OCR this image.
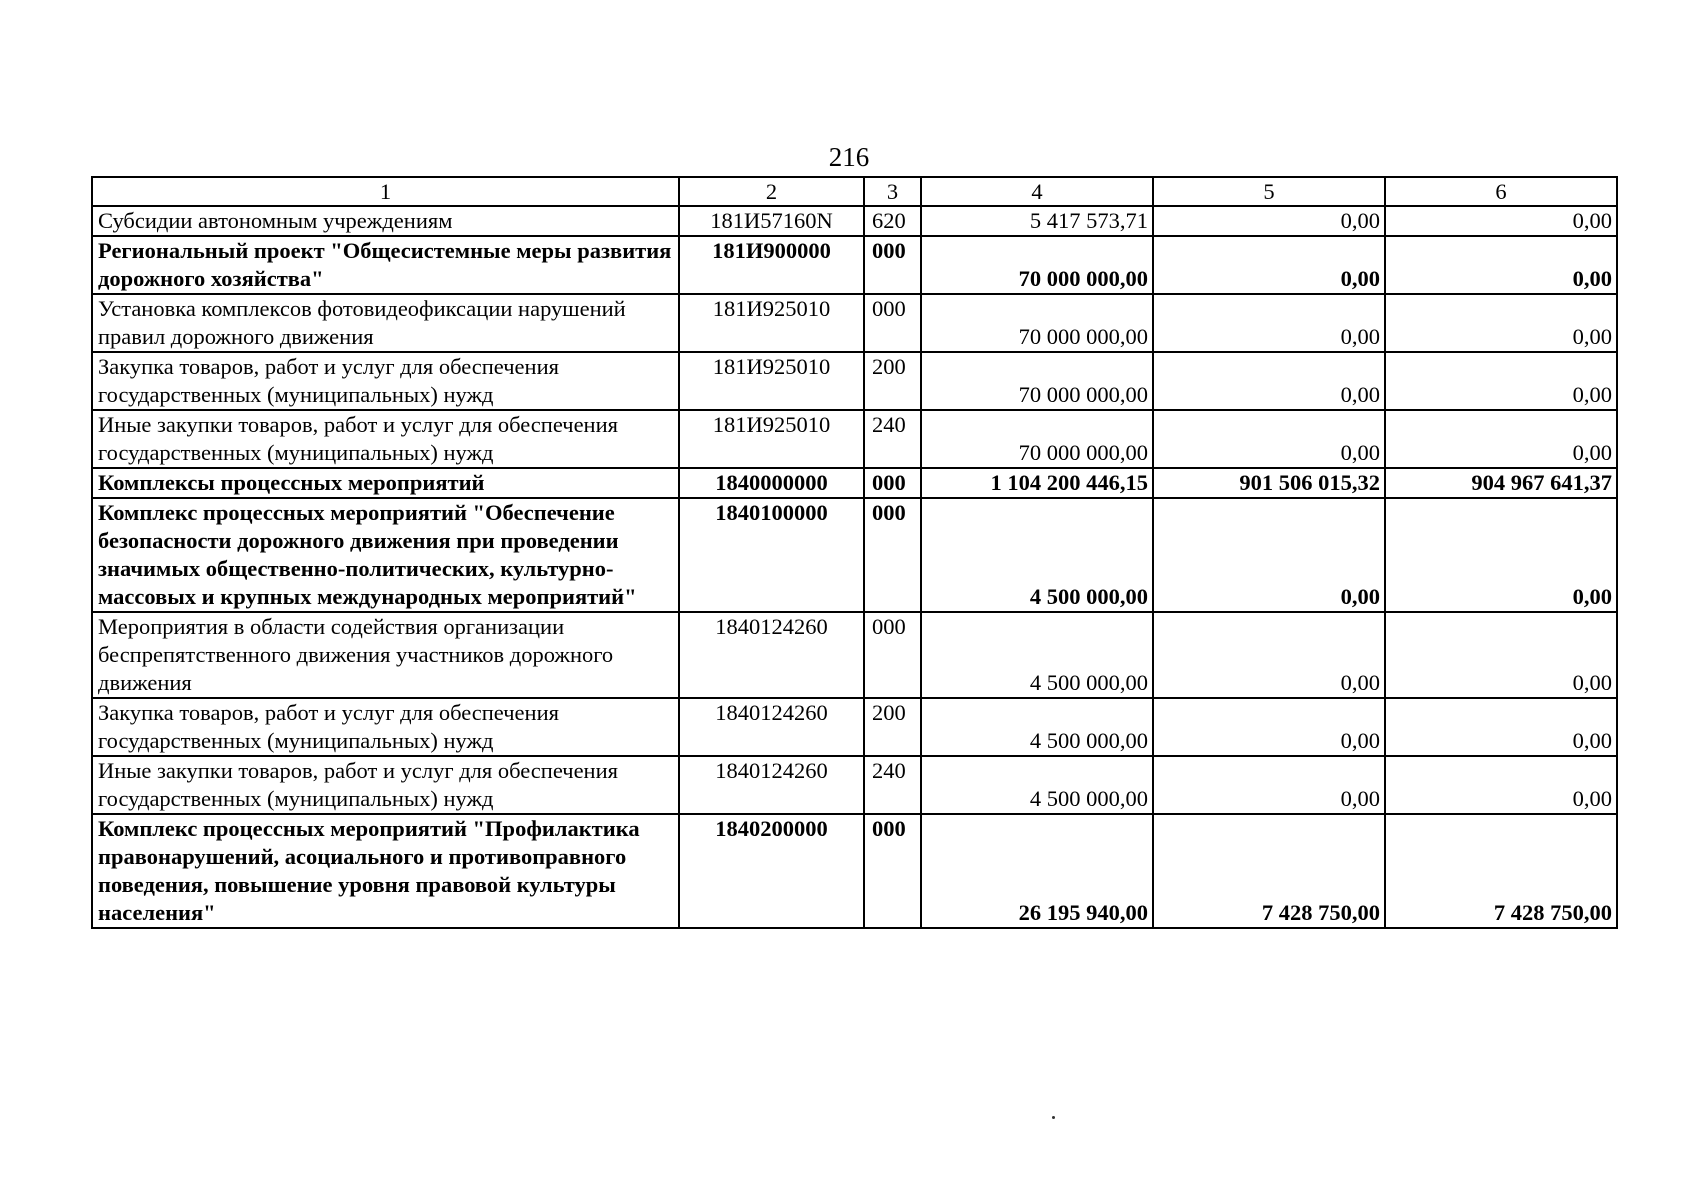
216
1	2	3	4	5	6
Субсидии автономным учреждениям	181И57160N	620	5 417 573,71	0,00	0,00
Региональный проект "Общесистемные меры развития дорожного хозяйства"	181И900000	000	70 000 000,00	0,00	0,00
Установка комплексов фотовидеофиксации нарушений правил дорожного движения	181И925010	000	70 000 000,00	0,00	0,00
Закупка товаров, работ и услуг для обеспечения государственных (муниципальных) нужд	181И925010	200	70 000 000,00	0,00	0,00
Иные закупки товаров, работ и услуг для обеспечения государственных (муниципальных) нужд	181И925010	240	70 000 000,00	0,00	0,00
Комплексы процессных мероприятий	1840000000	000	1 104 200 446,15	901 506 015,32	904 967 641,37
Комплекс процессных мероприятий "Обеспечение безопасности дорожного движения при проведении значимых общественно-политических, культурно-массовых и крупных международных мероприятий"	1840100000	000	4 500 000,00	0,00	0,00
Мероприятия в области содействия организации беспрепятственного движения участников дорожного движения	1840124260	000	4 500 000,00	0,00	0,00
Закупка товаров, работ и услуг для обеспечения государственных (муниципальных) нужд	1840124260	200	4 500 000,00	0,00	0,00
Иные закупки товаров, работ и услуг для обеспечения государственных (муниципальных) нужд	1840124260	240	4 500 000,00	0,00	0,00
Комплекс процессных мероприятий "Профилактика правонарушений, асоциального и противоправного поведения, повышение уровня правовой культуры населения"	1840200000	000	26 195 940,00	7 428 750,00	7 428 750,00
